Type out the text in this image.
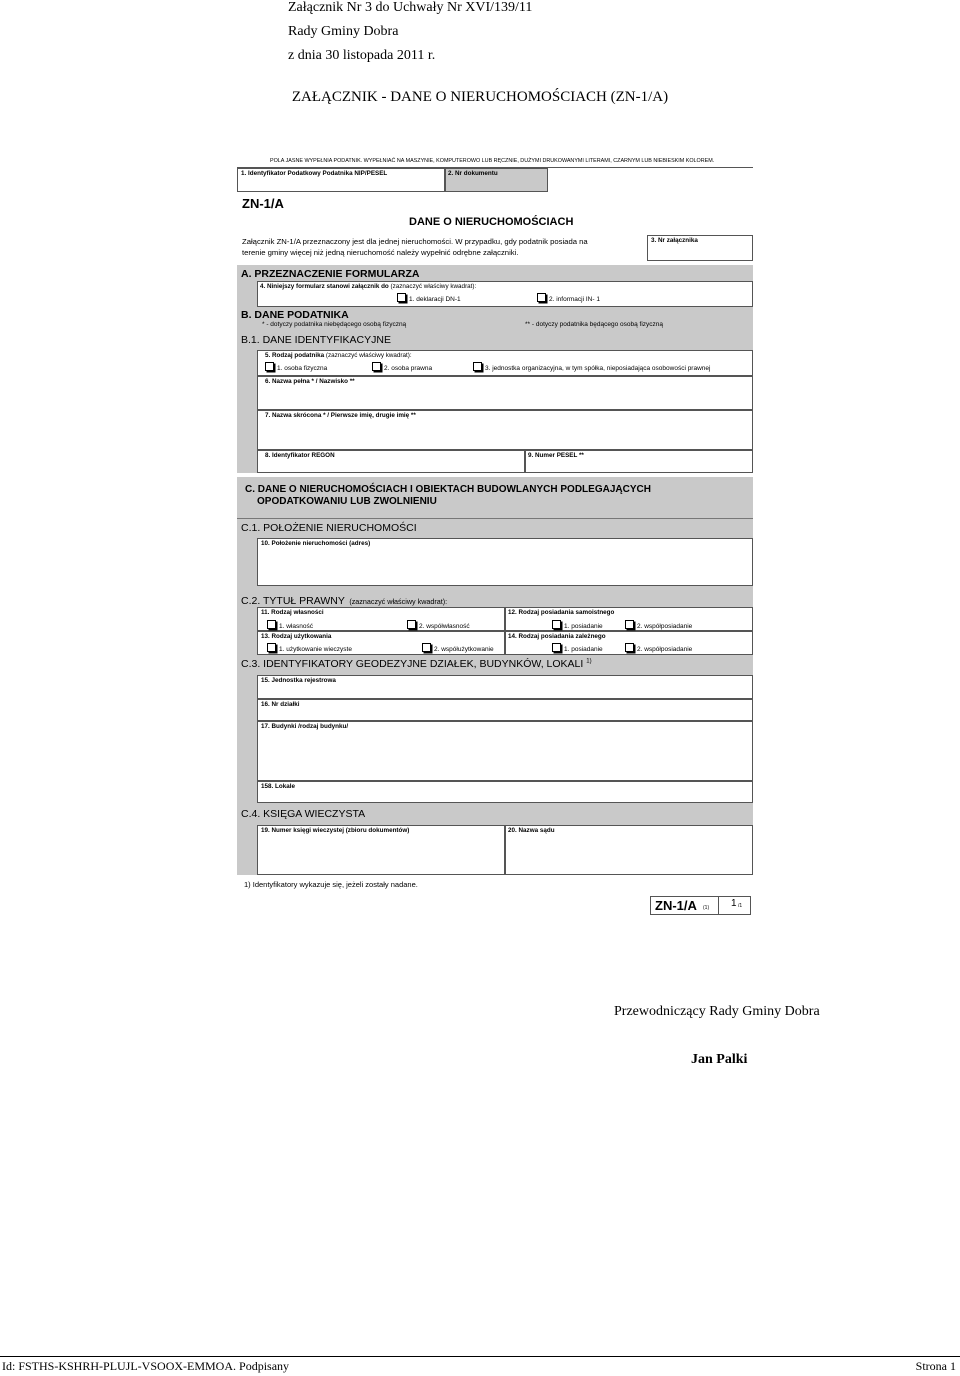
Załącznik Nr 3 do Uchwały Nr XVI/139/11
Rady Gminy Dobra
z dnia 30 listopada 2011 r.
ZAŁĄCZNIK - DANE O NIERUCHOMOŚCIACH (ZN-1/A)
POLA JASNE WYPEŁNIA PODATNIK. WYPEŁNIAĆ NA MASZYNIE, KOMPUTEROWO LUB RĘCZNIE, DUŻYMI DRUKOWANYMI LITERAMI, CZARNYM LUB NIEBIESKIM KOLOREM.
1. Identyfikator Podatkowy Podatnika NIP/PESEL	2. Nr dokumentu
ZN-1/A
DANE O NIERUCHOMOŚCIACH
Załącznik ZN-1/A przeznaczony jest dla jednej nieruchomości. W przypadku, gdy podatnik posiada na
terenie gminy więcej niż jedną nieruchomość należy wypełnić odrębne załączniki.
3. Nr załącznika
A. PRZEZNACZENIE FORMULARZA
4. Niniejszy formularz stanowi załącznik do (zaznaczyć właściwy kwadrat):
1. deklaracji DN-1	2. informacji IN- 1
B. DANE PODATNIKA
* - dotyczy podatnika niebędącego osobą fizyczną	** - dotyczy podatnika będącego osobą fizyczną
B.1. DANE IDENTYFIKACYJNE
5. Rodzaj podatnika (zaznaczyć właściwy kwadrat):
1. osoba fizyczna	2. osoba prawna	3. jednostka organizacyjna, w tym spółka, nieposiadająca osobowości prawnej
6. Nazwa pełna * / Nazwisko **
7. Nazwa skrócona * / Pierwsze imię, drugie imię **
8. Identyfikator REGON	9. Numer PESEL **
C. DANE O NIERUCHOMOŚCIACH I OBIEKTACH BUDOWLANYCH PODLEGAJĄCYCH
OPODATKOWANIU LUB ZWOLNIENIU
C.1. POŁOŻENIE NIERUCHOMOŚCI
10. Położenie nieruchomości (adres)
C.2. TYTUŁ PRAWNY (zaznaczyć właściwy kwadrat):
11. Rodzaj własności
1. własność	2. współwłasność
12. Rodzaj posiadania samoistnego
1. posiadanie	2. współposiadanie
13. Rodzaj użytkowania
1. użytkowanie wieczyste	2. współużytkowanie
14. Rodzaj posiadania zależnego
1. posiadanie	2. współposiadanie
C.3. IDENTYFIKATORY GEODEZYJNE DZIAŁEK, BUDYNKÓW, LOKALI $^{1)}$
15. Jednostka rejestrowa
16. Nr działki
17. Budynki /rodzaj budynku/
158. Lokale
C.4. KSIĘGA WIECZYSTA
19. Numer księgi wieczystej (zbioru dokumentów)	20. Nazwa sądu
1) Identyfikatory wykazuje się, jeżeli zostały nadane.
ZN-1/A (1) 1 /1
Przewodniczący Rady Gminy Dobra
Jan Palki
Id: FSTHS-KSHRH-PLUJL-VSOOX-EMMOA. Podpisany	Strona 1
